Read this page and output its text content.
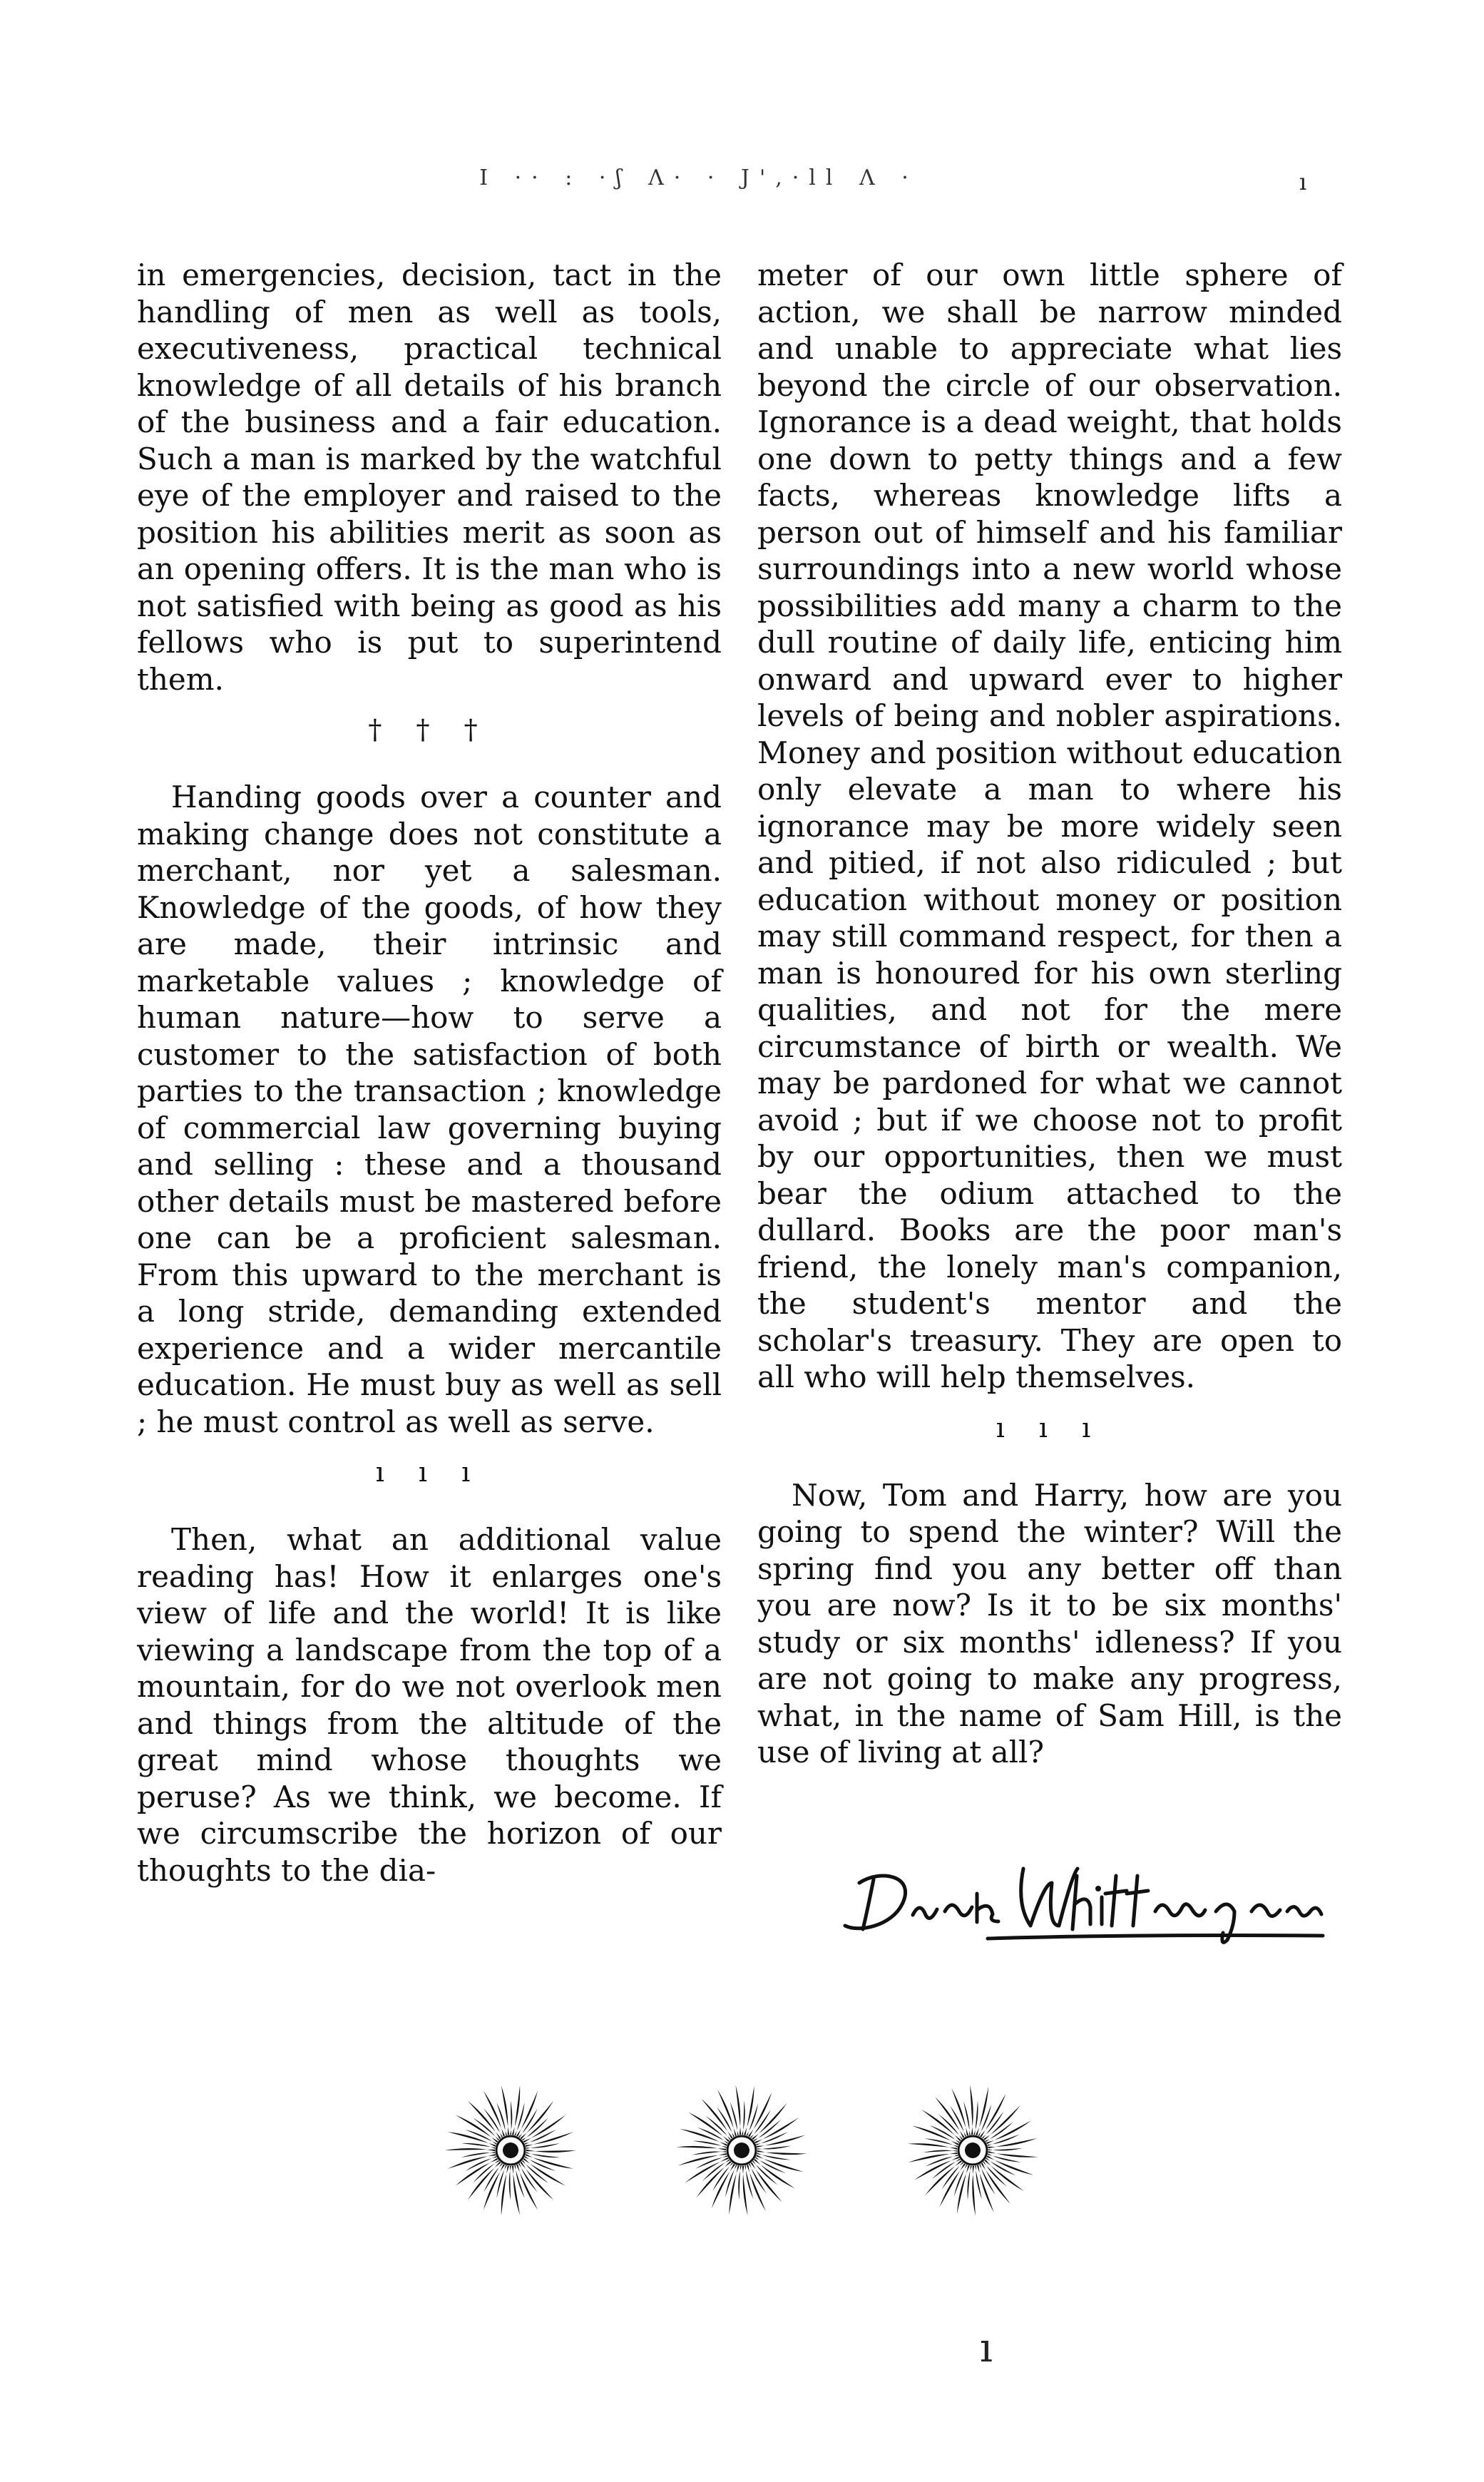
I ·· : ·ʃ Λ· · J',·ll Λ ·	ı

in emergencies, decision, tact in the handling of men as well as tools, executiveness, practical technical knowledge of all details of his branch of the business and a fair education. Such a man is marked by the watchful eye of the employer and raised to the position his abilities merit as soon as an opening offers. It is the man who is not satisfied with being as good as his fellows who is put to superintend them.

† † †

Handing goods over a counter and making change does not constitute a merchant, nor yet a salesman. Knowledge of the goods, of how they are made, their intrinsic and marketable values ; knowledge of human nature—how to serve a customer to the satisfaction of both parties to the transaction ; knowledge of commercial law governing buying and selling : these and a thousand other details must be mastered before one can be a proficient salesman. From this upward to the merchant is a long stride, demanding extended experience and a wider mercantile education. He must buy as well as sell ; he must control as well as serve.

ı ı ı

Then, what an additional value reading has! How it enlarges one's view of life and the world! It is like viewing a landscape from the top of a mountain, for do we not overlook men and things from the altitude of the great mind whose thoughts we peruse? As we think, we become. If we circumscribe the horizon of our thoughts to the dia-

meter of our own little sphere of action, we shall be narrow minded and unable to appreciate what lies beyond the circle of our observation. Ignorance is a dead weight, that holds one down to petty things and a few facts, whereas knowledge lifts a person out of himself and his familiar surroundings into a new world whose possibilities add many a charm to the dull routine of daily life, enticing him onward and upward ever to higher levels of being and nobler aspirations. Money and position without education only elevate a man to where his ignorance may be more widely seen and pitied, if not also ridiculed ; but education without money or position may still command respect, for then a man is honoured for his own sterling qualities, and not for the mere circumstance of birth or wealth. We may be pardoned for what we cannot avoid ; but if we choose not to profit by our opportunities, then we must bear the odium attached to the dullard. Books are the poor man's friend, the lonely man's companion, the student's mentor and the scholar's treasury. They are open to all who will help themselves.

ı ı ı

Now, Tom and Harry, how are you going to spend the winter? Will the spring find you any better off than you are now? Is it to be six months' study or six months' idleness? If you are not going to make any progress, what, in the name of Sam Hill, is the use of living at all?

ı
